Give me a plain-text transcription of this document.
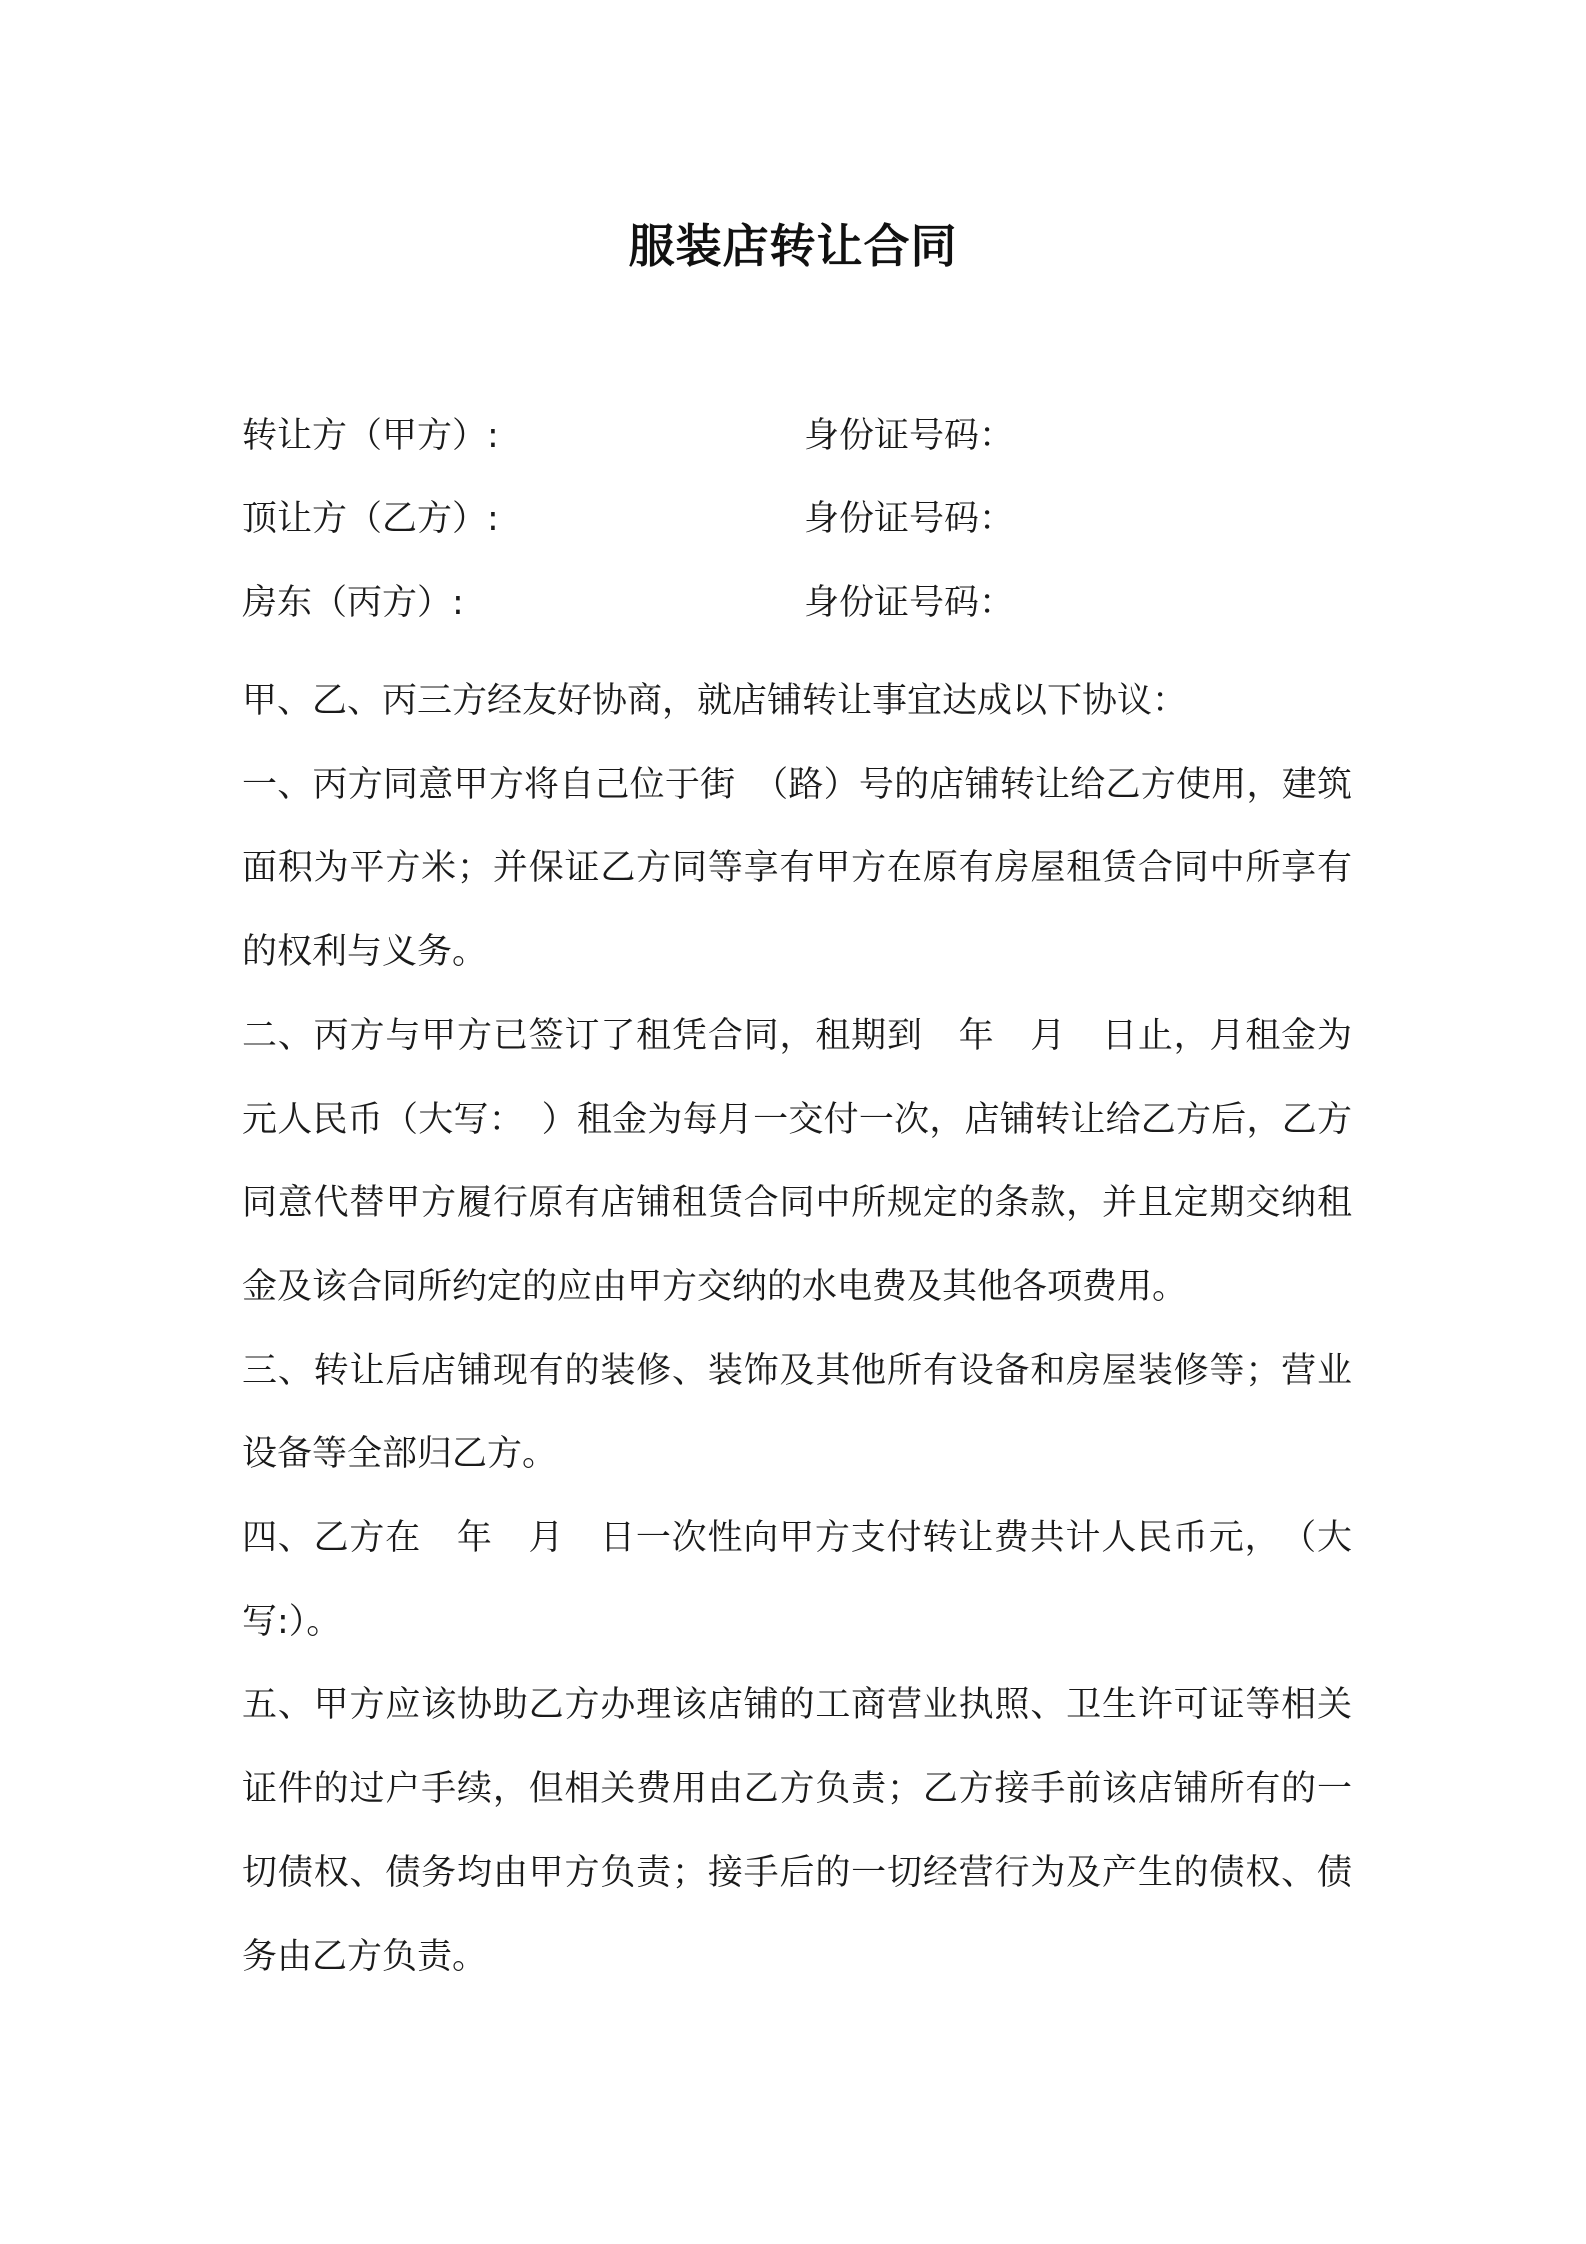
服装店转让合同
转让方（甲方）:	身份证号码：
顶让方（乙方）:	身份证号码：
房东（丙方）:	身份证号码：

甲、乙、丙三方经友好协商，就店铺转让事宜达成以下协议：

一、丙方同意甲方将自己位于街　（路）号的店铺转让给乙方使用，建筑面积为平方米；并保证乙方同等享有甲方在原有房屋租赁合同中所享有的权利与义务。

二、丙方与甲方已签订了租凭合同，租期到　年　月　日止，月租金为　元人民币（大写：　）租金为每月一交付一次，店铺转让给乙方后，乙方同意代替甲方履行原有店铺租赁合同中所规定的条款，并且定期交纳租金及该合同所约定的应由甲方交纳的水电费及其他各项费用。

三、转让后店铺现有的装修、装饰及其他所有设备和房屋装修等；营业设备等全部归乙方。

四、乙方在　年　月　日一次性向甲方支付转让费共计人民币元，　（大写:）。

五、甲方应该协助乙方办理该店铺的工商营业执照、卫生许可证等相关证件的过户手续，但相关费用由乙方负责；乙方接手前该店铺所有的一切债权、债务均由甲方负责；接手后的一切经营行为及产生的债权、债务由乙方负责。
